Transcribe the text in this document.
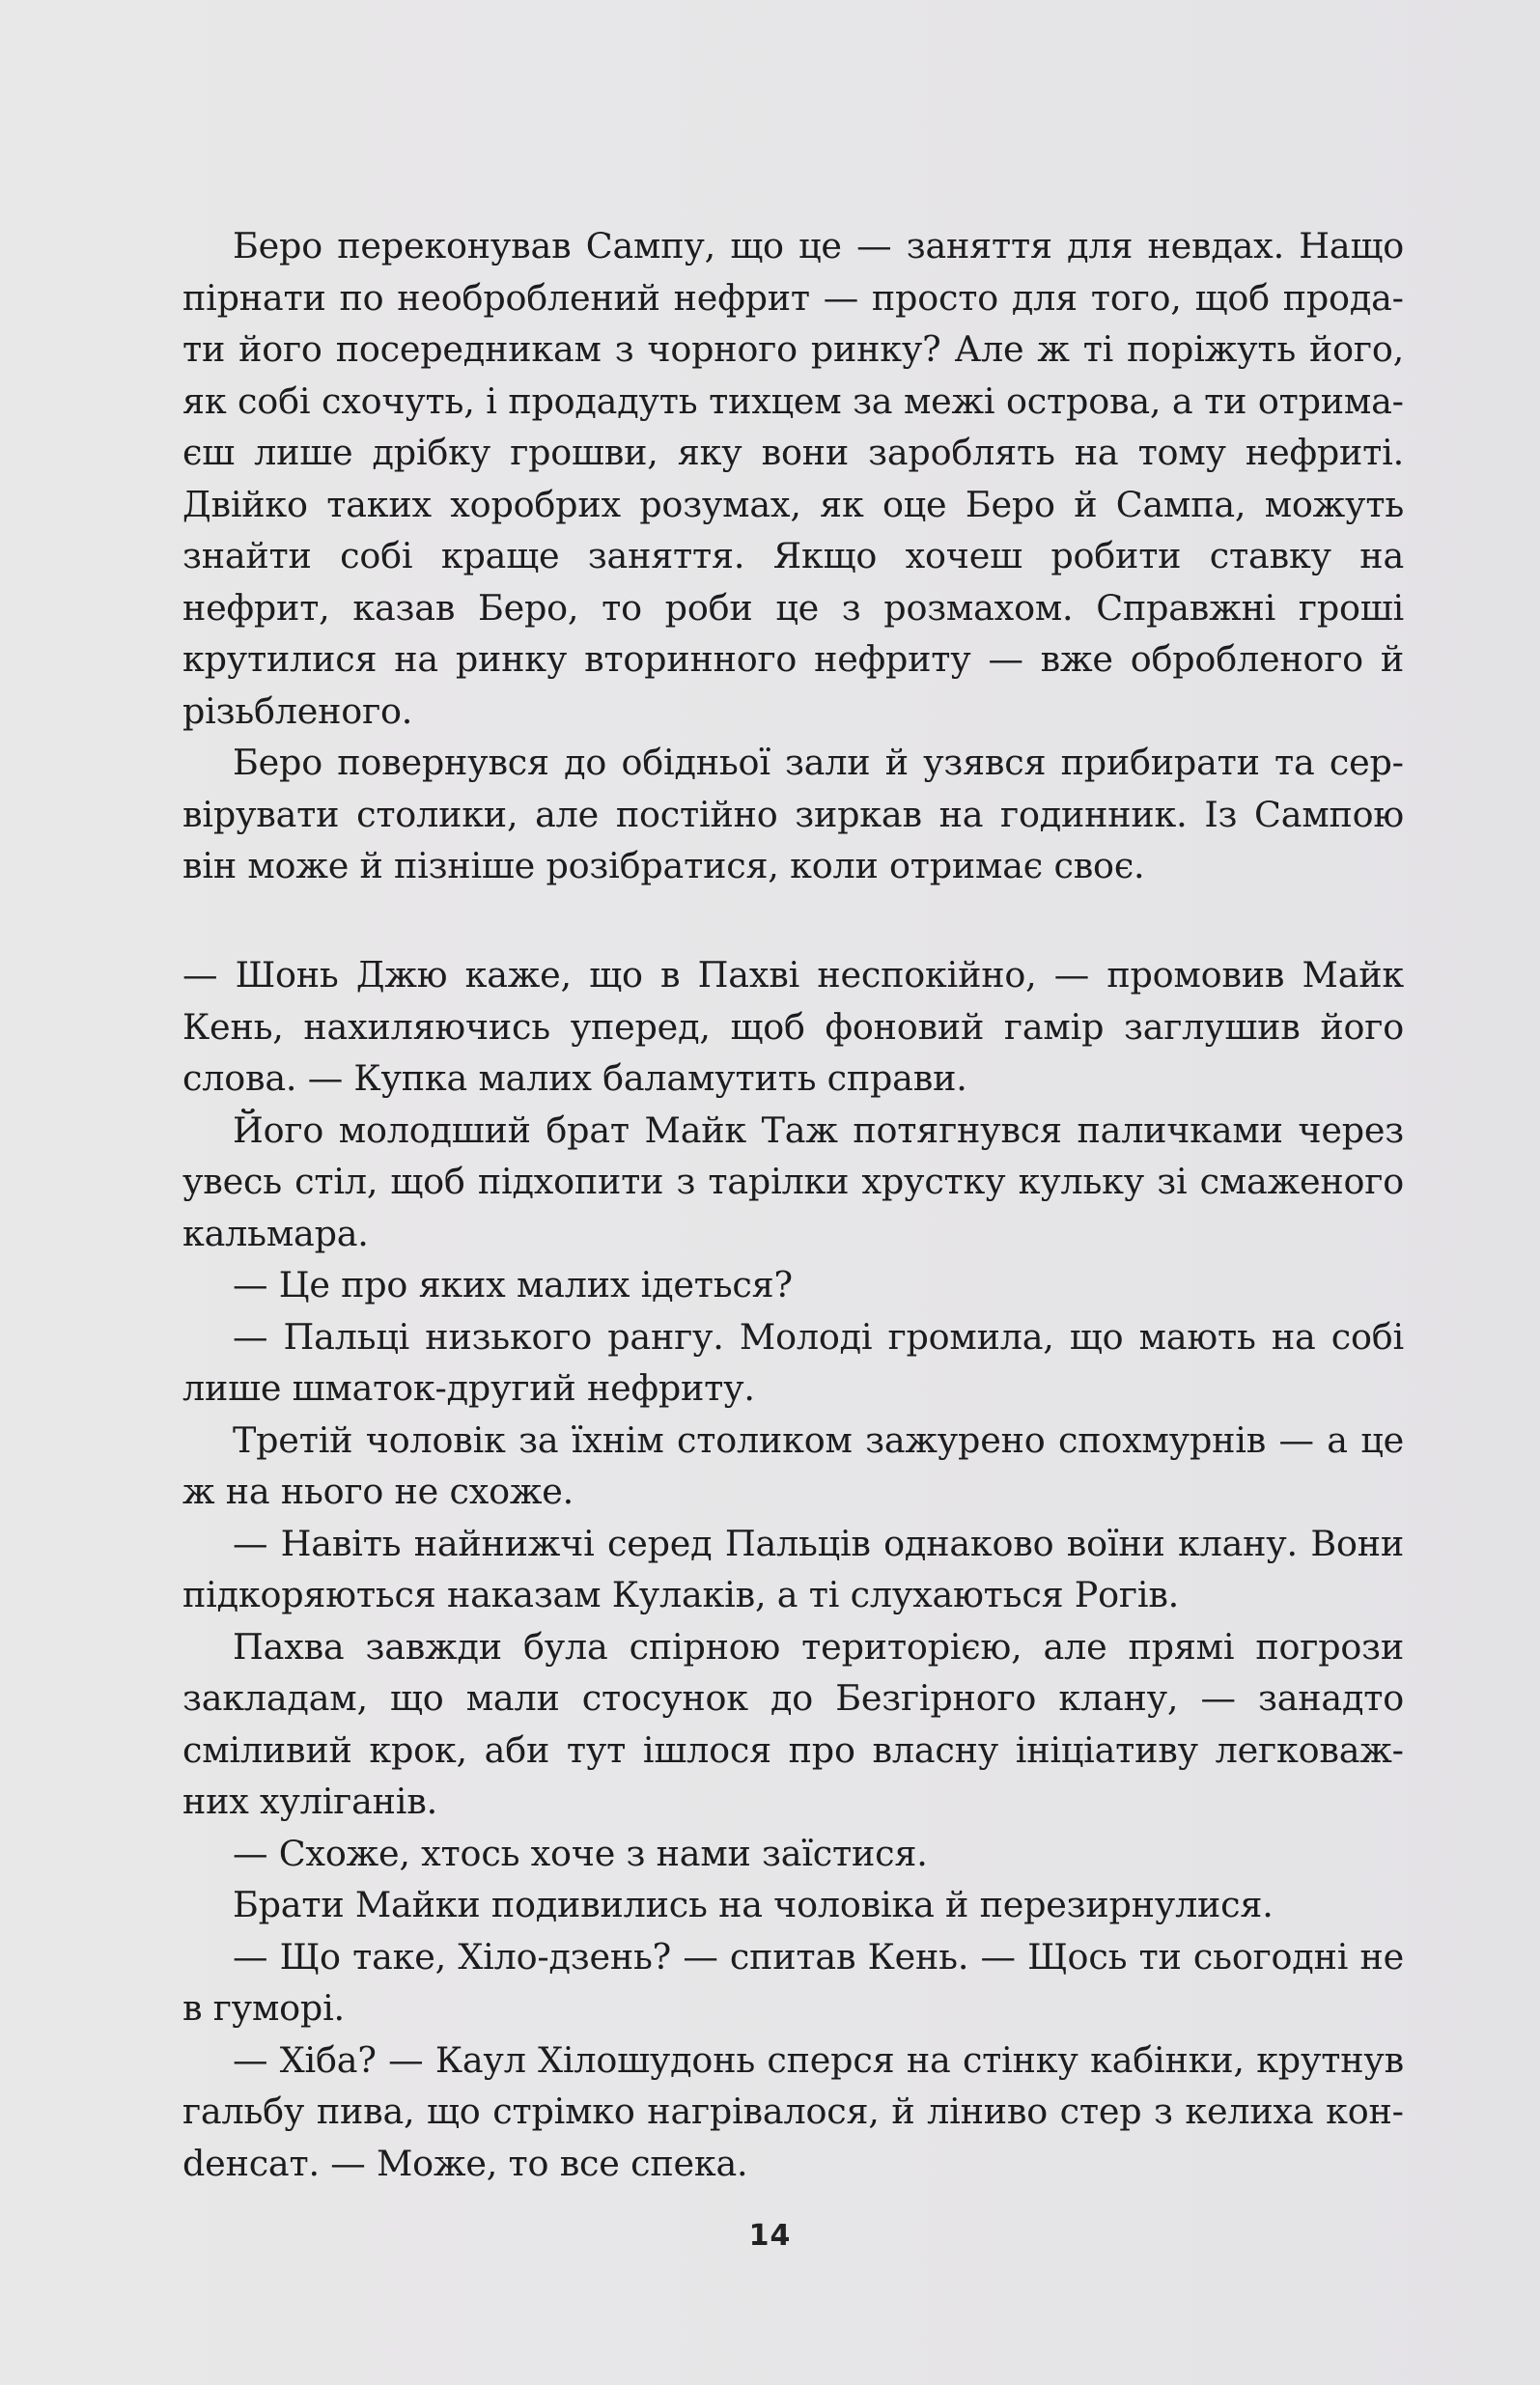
Беро переконував Сампу, що це — заняття для невдах. Нащо пірнати по необроблений нефрит — просто для того, щоб продати його посередникам з чорного ринку? Але ж ті поріжуть його, як собі схочуть, і продадуть тихцем за межі острова, а ти отримаєш лише дрібку грошви, яку вони зароблять на тому нефриті. Двійко таких хоробрих розумах, як оце Беро й Сампа, можуть знайти собі краще заняття. Якщо хочеш робити ставку на нефрит, казав Беро, то роби це з розмахом. Справжні гроші крутилися на ринку вторинного нефриту — вже обробленого й різьбленого.

Беро повернувся до обідньої зали й узявся прибирати та сервірувати столики, але постійно зиркав на годинник. Із Сампою він може й пізніше розібратися, коли отримає своє.

— Шонь Джю каже, що в Пахві неспокійно, — промовив Майк Кень, нахиляючись уперед, щоб фоновий гамір заглушив його слова. — Купка малих баламутить справи.

Його молодший брат Майк Таж потягнувся паличками через увесь стіл, щоб підхопити з тарілки хрустку кульку зі смаженого кальмара.

— Це про яких малих ідеться?

— Пальці низького рангу. Молоді громила, що мають на собі лише шматок-другий нефриту.

Третій чоловік за їхнім столиком зажурено спохмурнів — а це ж на нього не схоже.

— Навіть найнижчі серед Пальців однаково воїни клану. Вони підкоряються наказам Кулаків, а ті слухаються Рогів.

Пахва завжди була спірною територією, але прямі погрози закладам, що мали стосунок до Безгірного клану, — занадто сміливий крок, аби тут ішлося про власну ініціативу легковажних хуліганів.

— Схоже, хтось хоче з нами заїстися.

Брати Майки подивились на чоловіка й перезирнулися.

— Що таке, Хіло-дзень? — спитав Кень. — Щось ти сьогодні не в гуморі.

— Хіба? — Каул Хілошудонь сперся на стінку кабінки, крутнув гальбу пива, що стрімко нагрівалося, й ліниво стер з келиха конdенсат. — Може, то все спека.

14
